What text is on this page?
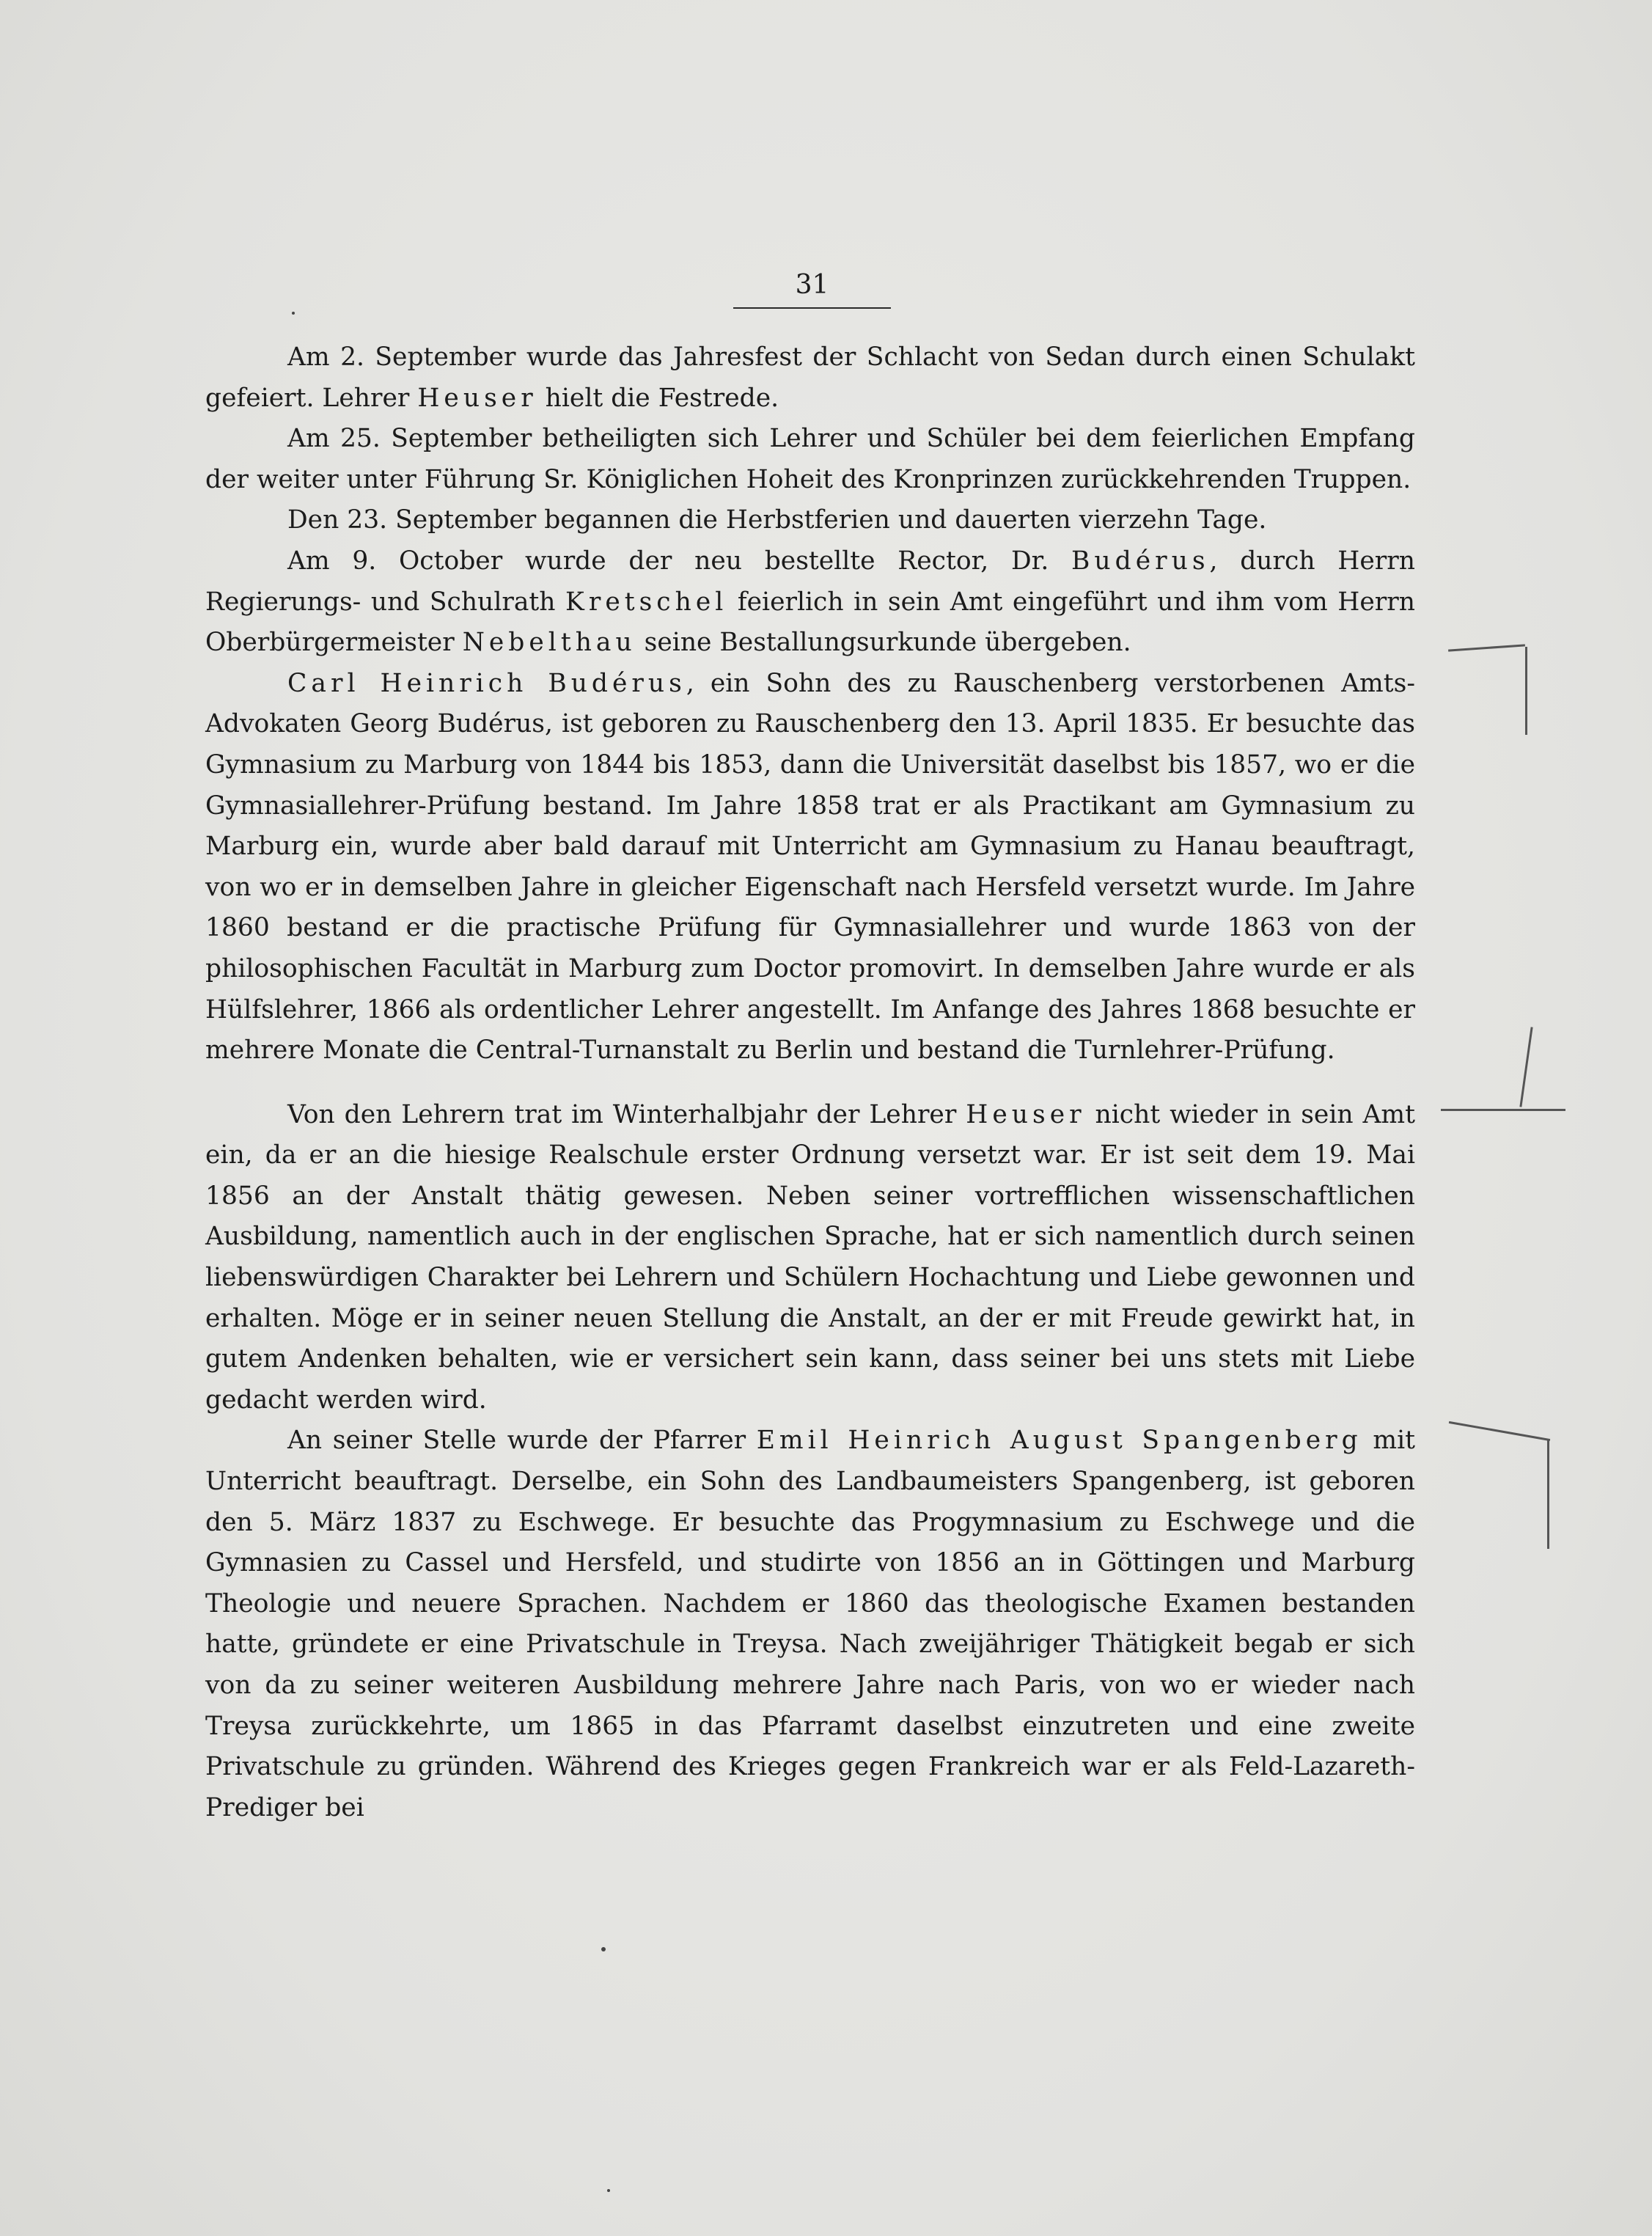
31

Am 2. September wurde das Jahresfest der Schlacht von Sedan durch einen Schulakt gefeiert. Lehrer Heuser hielt die Festrede.

Am 25. September betheiligten sich Lehrer und Schüler bei dem feierlichen Empfang der weiter unter Führung Sr. Königlichen Hoheit des Kronprinzen zurückkehrenden Truppen.

Den 23. September begannen die Herbstferien und dauerten vierzehn Tage.

Am 9. October wurde der neu bestellte Rector, Dr. Budérus, durch Herrn Regierungs- und Schulrath Kretschel feierlich in sein Amt eingeführt und ihm vom Herrn Oberbürgermeister Nebelthau seine Bestallungsurkunde übergeben.

Carl Heinrich Budérus, ein Sohn des zu Rauschenberg verstorbenen Amts-Advokaten Georg Budérus, ist geboren zu Rauschenberg den 13. April 1835. Er besuchte das Gymnasium zu Marburg von 1844 bis 1853, dann die Universität daselbst bis 1857, wo er die Gymnasiallehrer-Prüfung bestand. Im Jahre 1858 trat er als Practikant am Gymnasium zu Marburg ein, wurde aber bald darauf mit Unterricht am Gymnasium zu Hanau beauftragt, von wo er in demselben Jahre in gleicher Eigenschaft nach Hersfeld versetzt wurde. Im Jahre 1860 bestand er die practische Prüfung für Gymnasiallehrer und wurde 1863 von der philosophischen Facultät in Marburg zum Doctor promovirt. In demselben Jahre wurde er als Hülfslehrer, 1866 als ordentlicher Lehrer angestellt. Im Anfange des Jahres 1868 besuchte er mehrere Monate die Central-Turnanstalt zu Berlin und bestand die Turnlehrer-Prüfung.

Von den Lehrern trat im Winterhalbjahr der Lehrer Heuser nicht wieder in sein Amt ein, da er an die hiesige Realschule erster Ordnung versetzt war. Er ist seit dem 19. Mai 1856 an der Anstalt thätig gewesen. Neben seiner vortrefflichen wissenschaftlichen Ausbildung, namentlich auch in der englischen Sprache, hat er sich namentlich durch seinen liebenswürdigen Charakter bei Lehrern und Schülern Hochachtung und Liebe gewonnen und erhalten. Möge er in seiner neuen Stellung die Anstalt, an der er mit Freude gewirkt hat, in gutem Andenken behalten, wie er versichert sein kann, dass seiner bei uns stets mit Liebe gedacht werden wird.

An seiner Stelle wurde der Pfarrer Emil Heinrich August Spangenberg mit Unterricht beauftragt. Derselbe, ein Sohn des Landbaumeisters Spangenberg, ist geboren den 5. März 1837 zu Eschwege. Er besuchte das Progymnasium zu Eschwege und die Gymnasien zu Cassel und Hersfeld, und studirte von 1856 an in Göttingen und Marburg Theologie und neuere Sprachen. Nachdem er 1860 das theologische Examen bestanden hatte, gründete er eine Privatschule in Treysa. Nach zweijähriger Thätigkeit begab er sich von da zu seiner weiteren Ausbildung mehrere Jahre nach Paris, von wo er wieder nach Treysa zurückkehrte, um 1865 in das Pfarramt daselbst einzutreten und eine zweite Privatschule zu gründen. Während des Krieges gegen Frankreich war er als Feld-Lazareth-Prediger bei
